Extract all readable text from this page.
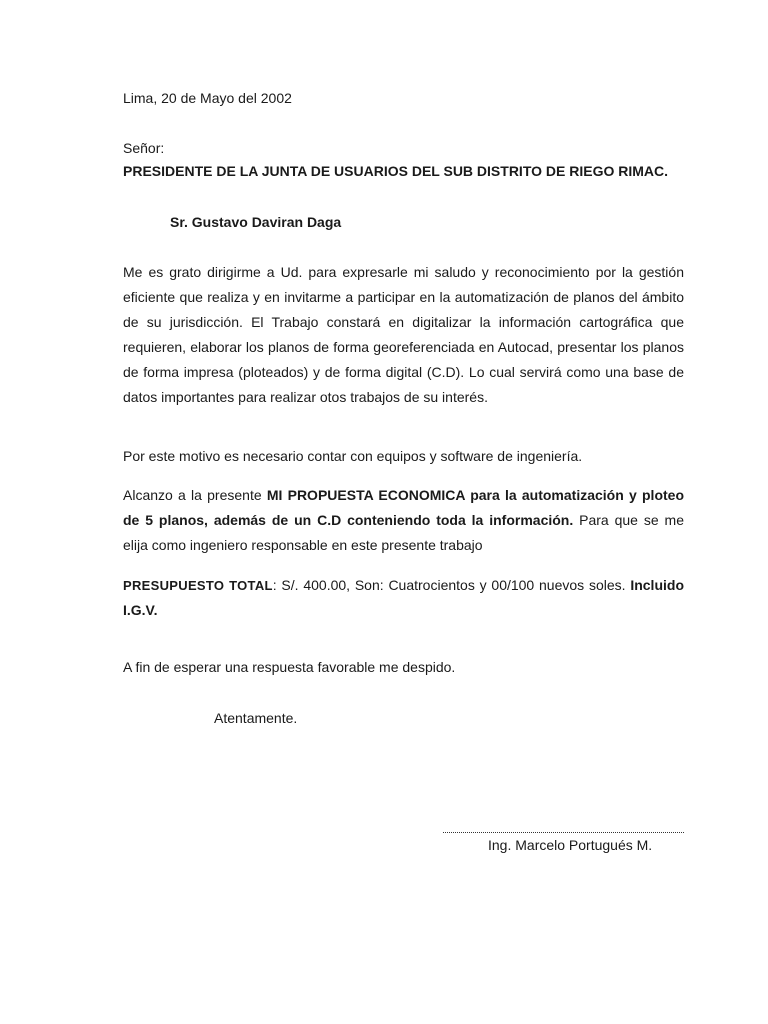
Lima, 20 de Mayo del 2002

Señor:

PRESIDENTE DE LA JUNTA DE USUARIOS DEL SUB DISTRITO DE RIEGO RIMAC.

Sr. Gustavo Daviran Daga

Me es grato dirigirme a Ud. para expresarle mi saludo y reconocimiento por la gestión eficiente que realiza y en invitarme a participar en la automatización de planos del ámbito de su jurisdicción. El Trabajo constará en digitalizar la información cartográfica que requieren, elaborar los planos de forma georeferenciada en Autocad, presentar los planos de forma impresa (ploteados) y de forma digital (C.D). Lo cual servirá como una base de datos importantes para realizar otos trabajos de su interés.

Por este motivo es necesario contar con equipos y software de ingeniería.

Alcanzo a la presente MI PROPUESTA ECONOMICA para la automatización y ploteo de 5 planos, además de un C.D conteniendo toda la información. Para que se me elija como ingeniero responsable en este presente trabajo

PRESUPUESTO TOTAL: S/. 400.00, Son: Cuatrocientos y 00/100 nuevos soles. Incluido I.G.V.

A fin de esperar una respuesta favorable me despido.

Atentamente.

Ing. Marcelo Portugués M.
